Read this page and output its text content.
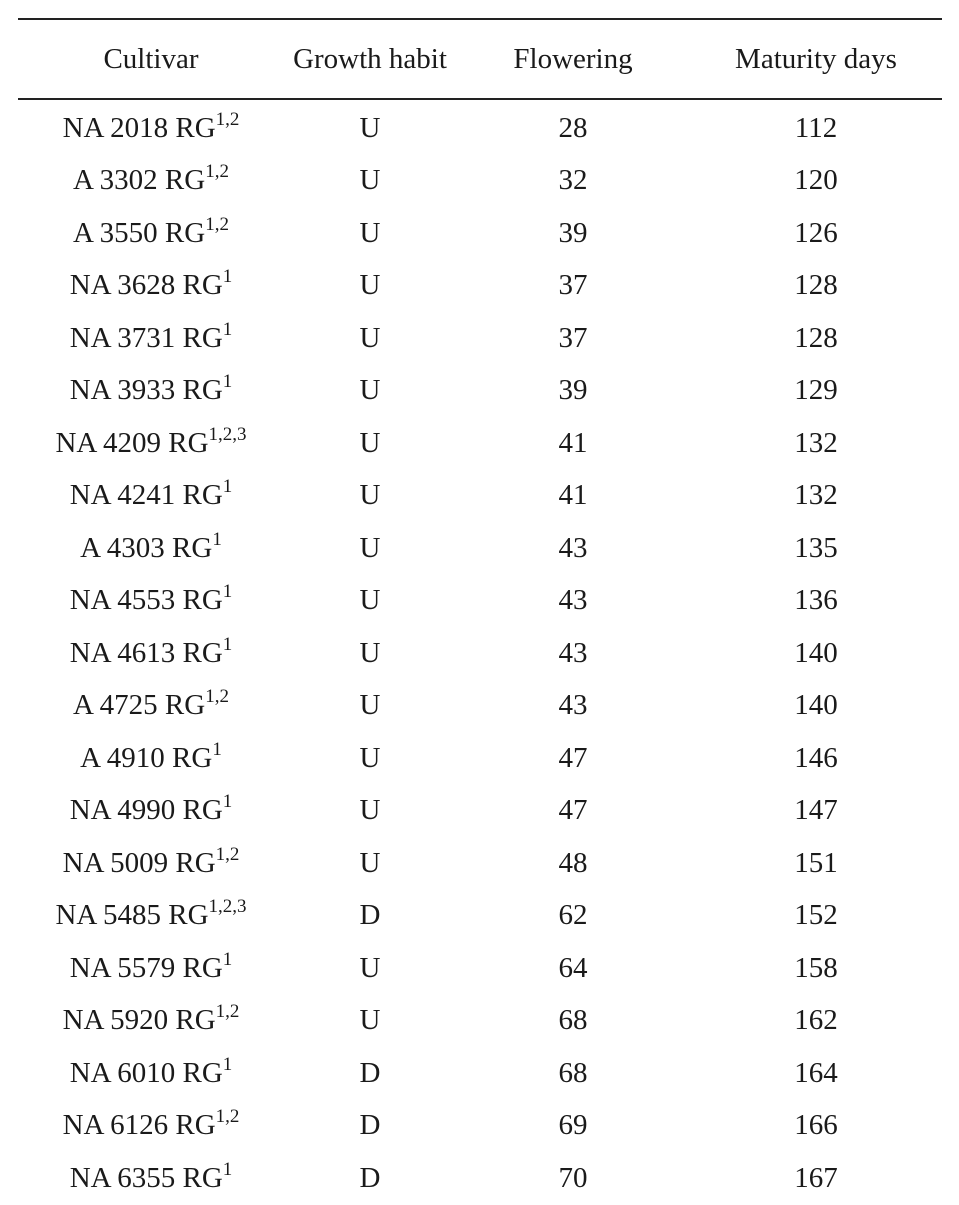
Cultivar	Growth habit	Flowering	Maturity days
NA 2018 RG$^{1,2}$	U	28	112
A 3302 RG$^{1,2}$	U	32	120
A 3550 RG$^{1,2}$	U	39	126
NA 3628 $RG^1$	U	37	128
NA 3731 $RG^1$	U	37	128
NA 3933 $RG^1$	U	39	129
NA 4209 RG$^{1,2,3}$	U	41	132
NA 4241 $RG^1$	U	41	132
A 4303 $RG^1$	U	43	135
NA 4553 $RG^1$	U	43	136
NA 4613 $RG^1$	U	43	140
A 4725 RG$^{1,2}$	U	43	140
A 4910 $RG^1$	U	47	146
NA 4990 $RG^1$	U	47	147
NA 5009 RG$^{1,2}$	U	48	151
NA 5485 RG$^{1,2,3}$	D	62	152
NA 5579 $RG^1$	U	64	158
NA 5920 RG$^{1,2}$	U	68	162
NA 6010 $RG^1$	D	68	164
NA 6126 RG$^{1,2}$	D	69	166
NA 6355 $RG^1$	D	70	167
